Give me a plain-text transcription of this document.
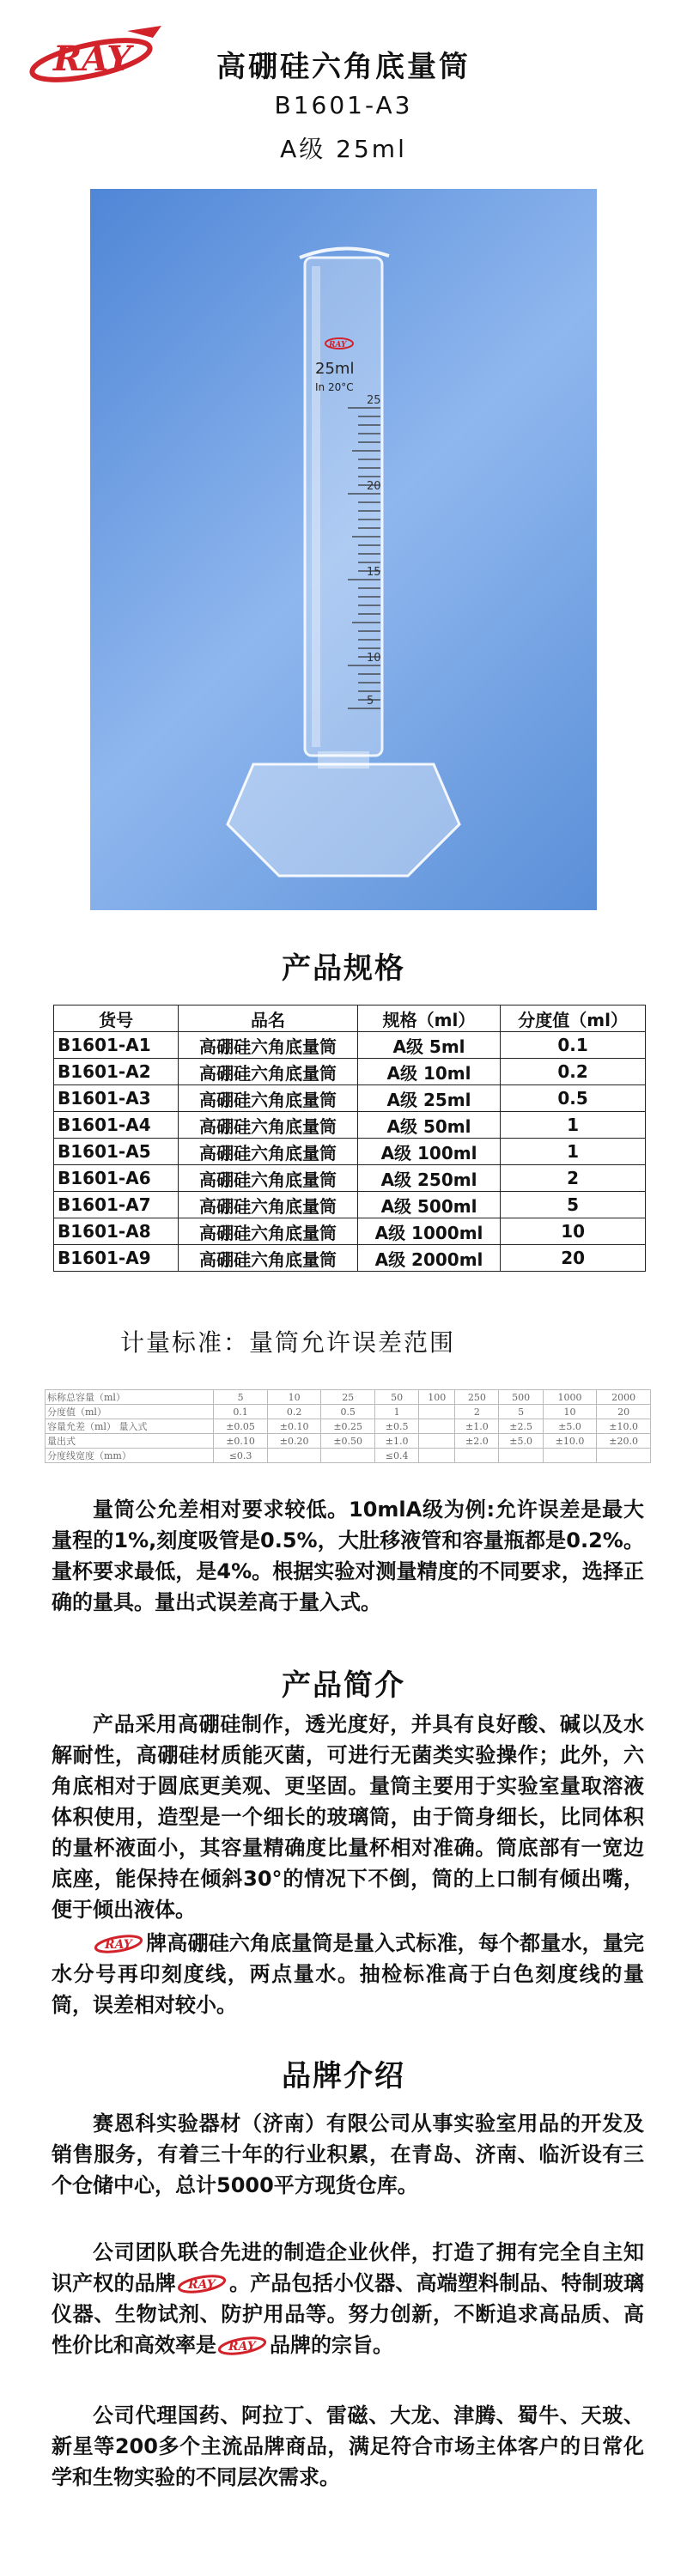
RAY	高硼硅六角底量筒
B1601-A3
A级 25ml
RAY
25ml
In 20°C
25
20
15
10
5
产品规格
货号	品名	规格（ml）	分度值（ml）
B1601-A1	高硼硅六角底量筒	A级 5ml	0.1
B1601-A2	高硼硅六角底量筒	A级 10ml	0.2
B1601-A3	高硼硅六角底量筒	A级 25ml	0.5
B1601-A4	高硼硅六角底量筒	A级 50ml	1
B1601-A5	高硼硅六角底量筒	A级 100ml	1
B1601-A6	高硼硅六角底量筒	A级 250ml	2
B1601-A7	高硼硅六角底量筒	A级 500ml	5
B1601-A8	高硼硅六角底量筒	A级 1000ml	10
B1601-A9	高硼硅六角底量筒	A级 2000ml	20
计量标准：量筒允许误差范围
标称总容量（ml）	5	10	25	50	100	250	500	1000	2000
分度值（ml）	0.1	0.2	0.5	1		2	5	10	20
容量允差（ml） 量入式	±0.05	±0.10	±0.25	±0.5		±1.0	±2.5	±5.0	±10.0
量出式	±0.10	±0.20	±0.50	±1.0		±2.0	±5.0	±10.0	±20.0
分度线宽度（mm）	≤0.3			≤0.4					
量筒公允差相对要求较低。10mlA级为例:允许误差是最大量程的1%,刻度吸管是0.5%，大肚移液管和容量瓶都是0.2%。量杯要求最低，是4%。根据实验对测量精度的不同要求，选择正确的量具。量出式误差高于量入式。
产品简介
产品采用高硼硅制作，透光度好，并具有良好酸、碱以及水解耐性，高硼硅材质能灭菌，可进行无菌类实验操作；此外，六角底相对于圆底更美观、更坚固。量筒主要用于实验室量取溶液体积使用，造型是一个细长的玻璃筒，由于筒身细长，比同体积的量杯液面小，其容量精确度比量杯相对准确。筒底部有一宽边底座，能保持在倾斜30°的情况下不倒，筒的上口制有倾出嘴，便于倾出液体。
RAY 牌高硼硅六角底量筒是量入式标准，每个都量水，量完水分号再印刻度线，两点量水。抽检标准高于白色刻度线的量筒，误差相对较小。
品牌介绍
赛恩科实验器材（济南）有限公司从事实验室用品的开发及销售服务，有着三十年的行业积累，在青岛、济南、临沂设有三个仓储中心，总计5000平方现货仓库。
公司团队联合先进的制造企业伙伴，打造了拥有完全自主知识产权的品牌 RAY 。产品包括小仪器、高端塑料制品、特制玻璃仪器、生物试剂、防护用品等。努力创新，不断追求高品质、高性价比和高效率是 RAY 品牌的宗旨。
公司代理国药、阿拉丁、雷磁、大龙、津腾、蜀牛、天玻、新星等200多个主流品牌商品，满足符合市场主体客户的日常化学和生物实验的不同层次需求。
